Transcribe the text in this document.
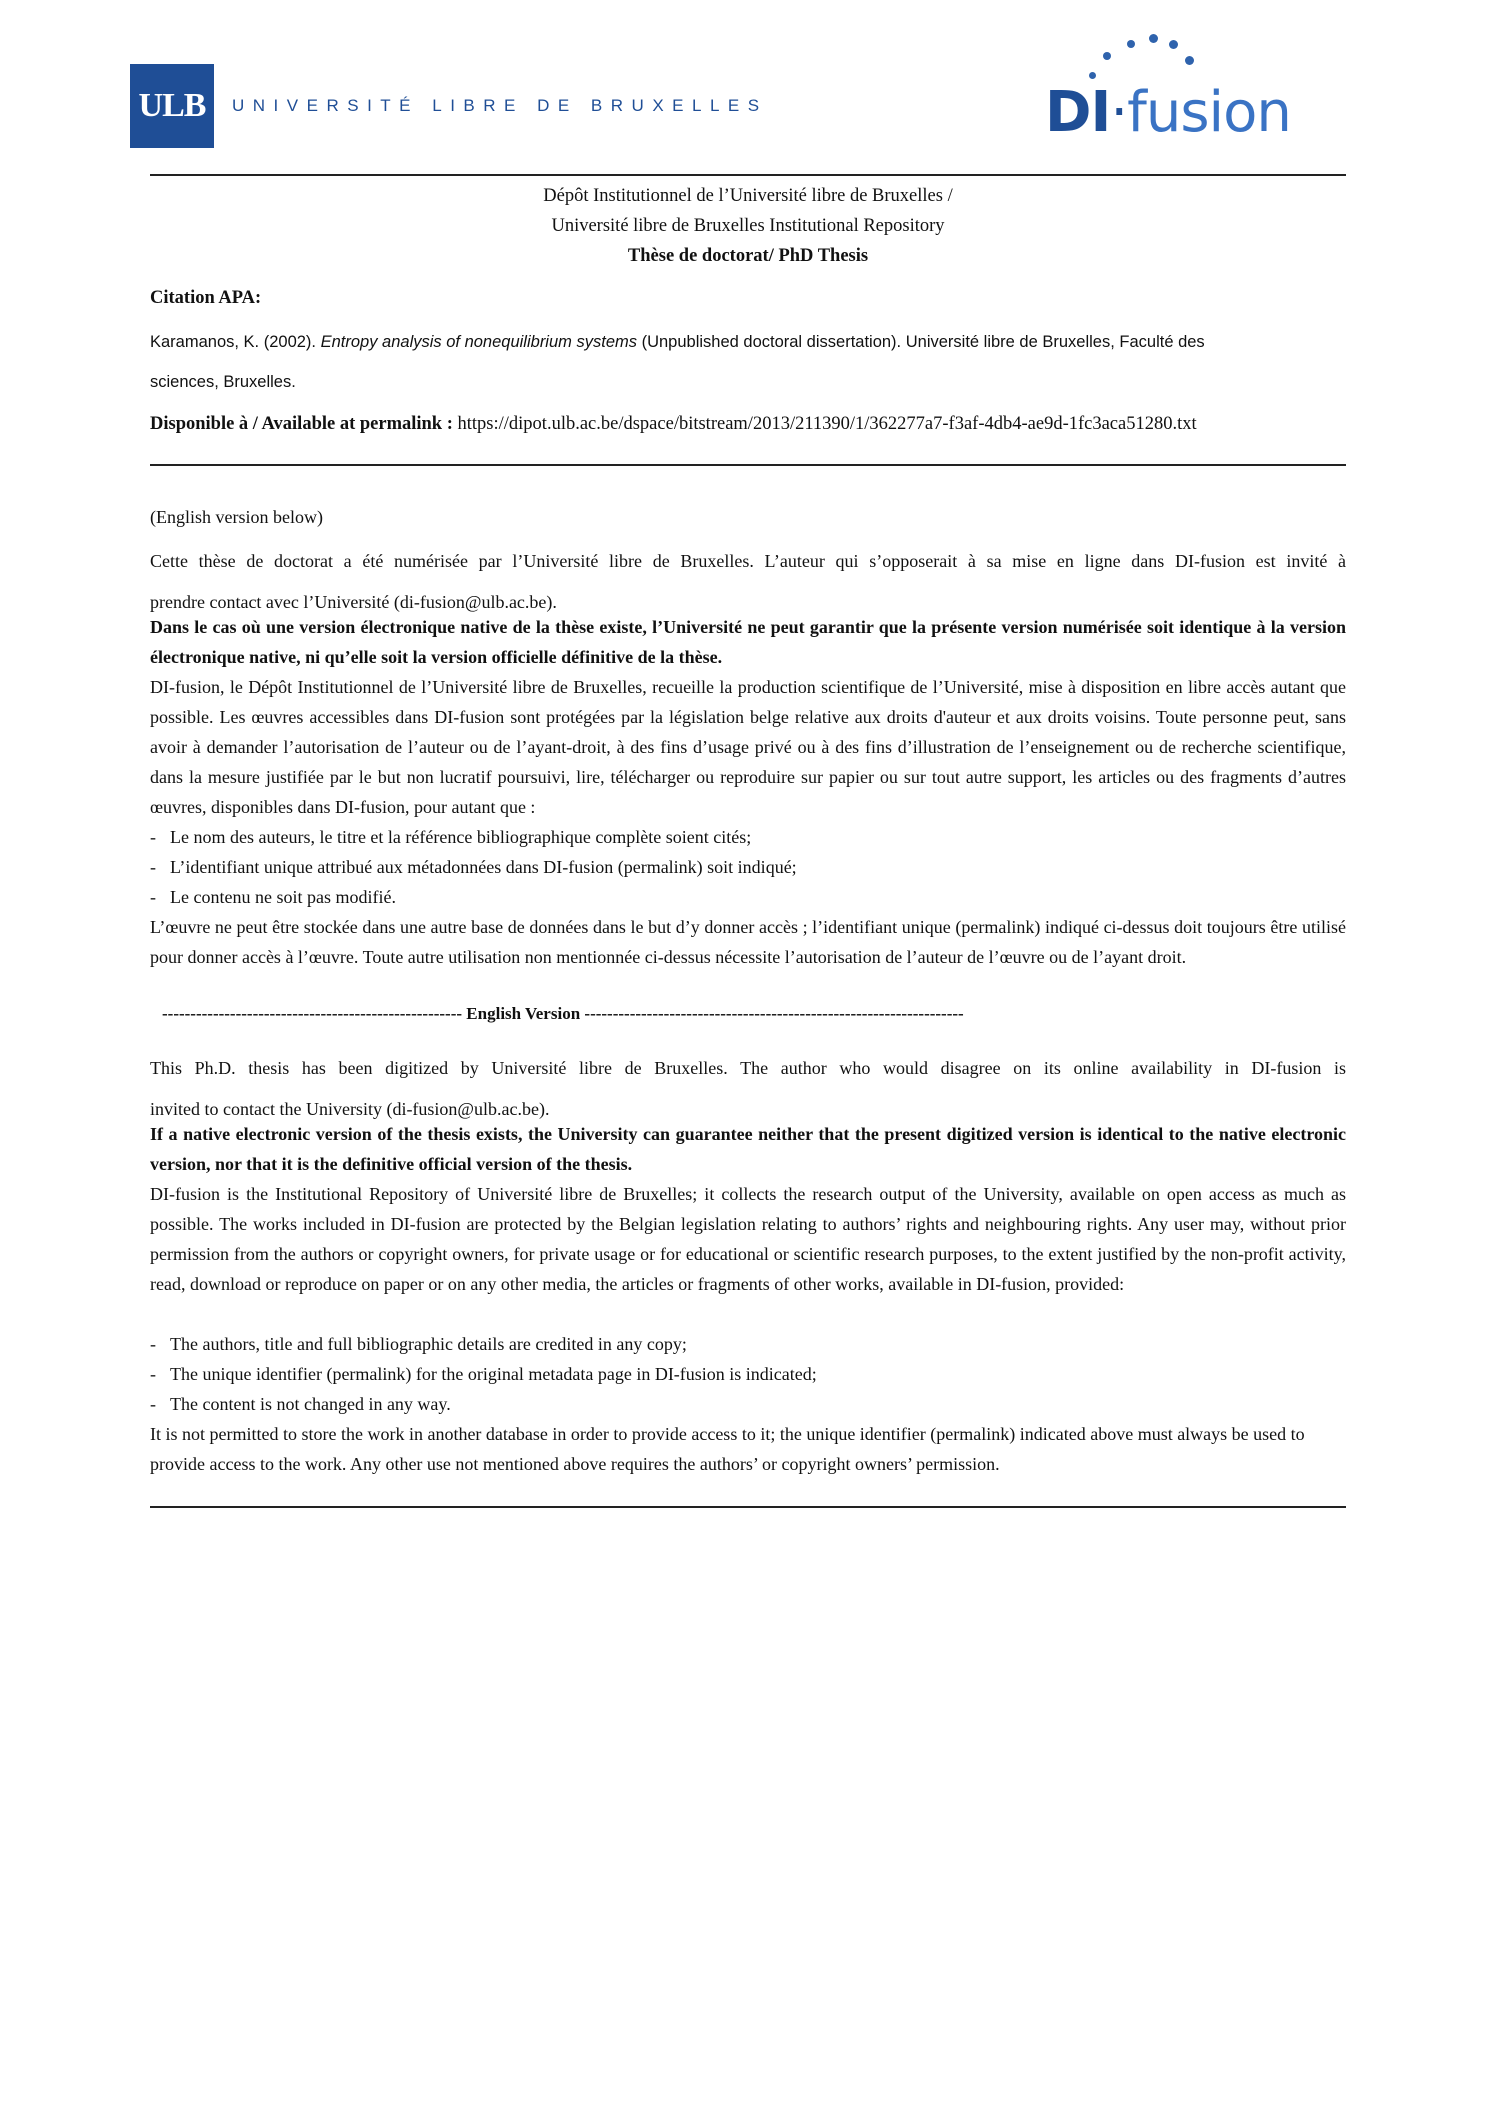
ULB	UNIVERSITÉ LIBRE DE BRUXELLES	DI·fusion
Dépôt Institutionnel de l’Université libre de Bruxelles /
Université libre de Bruxelles Institutional Repository
Thèse de doctorat/ PhD Thesis
Citation APA:
Karamanos, K. (2002). Entropy analysis of nonequilibrium systems (Unpublished doctoral dissertation). Université libre de Bruxelles, Faculté des
sciences, Bruxelles.
Disponible à / Available at permalink : https://dipot.ulb.ac.be/dspace/bitstream/2013/211390/1/362277a7-f3af-4db4-ae9d-1fc3aca51280.txt
(English version below)
Cette thèse de doctorat a été numérisée par l’Université libre de Bruxelles. L’auteur qui s’opposerait à sa mise en ligne dans DI-fusion est invité à
prendre contact avec l’Université (di-fusion@ulb.ac.be).
Dans le cas où une version électronique native de la thèse existe, l’Université ne peut garantir que la présente version numérisée soit identique à la version électronique native, ni qu’elle soit la version officielle définitive de la thèse.
DI-fusion, le Dépôt Institutionnel de l’Université libre de Bruxelles, recueille la production scientifique de l’Université, mise à disposition en libre accès autant que possible. Les œuvres accessibles dans DI-fusion sont protégées par la législation belge relative aux droits d'auteur et aux droits voisins. Toute personne peut, sans avoir à demander l’autorisation de l’auteur ou de l’ayant-droit, à des fins d’usage privé ou à des fins d’illustration de l’enseignement ou de recherche scientifique, dans la mesure justifiée par le but non lucratif poursuivi, lire, télécharger ou reproduire sur papier ou sur tout autre support, les articles ou des fragments d’autres œuvres, disponibles dans DI-fusion, pour autant que :
- Le nom des auteurs, le titre et la référence bibliographique complète soient cités;
- L’identifiant unique attribué aux métadonnées dans DI-fusion (permalink) soit indiqué;
- Le contenu ne soit pas modifié.
L’œuvre ne peut être stockée dans une autre base de données dans le but d’y donner accès ; l’identifiant unique (permalink) indiqué ci-dessus doit toujours être utilisé pour donner accès à l’œuvre. Toute autre utilisation non mentionnée ci-dessus nécessite l’autorisation de l’auteur de l’œuvre ou de l’ayant droit.
----------------------------------------------------- English Version -------------------------------------------------------------------
This Ph.D. thesis has been digitized by Université libre de Bruxelles. The author who would disagree on its online availability in DI-fusion is
invited to contact the University (di-fusion@ulb.ac.be).
If a native electronic version of the thesis exists, the University can guarantee neither that the present digitized version is identical to the native electronic version, nor that it is the definitive official version of the thesis.
DI-fusion is the Institutional Repository of Université libre de Bruxelles; it collects the research output of the University, available on open access as much as possible. The works included in DI-fusion are protected by the Belgian legislation relating to authors’ rights and neighbouring rights. Any user may, without prior permission from the authors or copyright owners, for private usage or for educational or scientific research purposes, to the extent justified by the non-profit activity, read, download or reproduce on paper or on any other media, the articles or fragments of other works, available in DI-fusion, provided:
- The authors, title and full bibliographic details are credited in any copy;
- The unique identifier (permalink) for the original metadata page in DI-fusion is indicated;
- The content is not changed in any way.
It is not permitted to store the work in another database in order to provide access to it; the unique identifier (permalink) indicated above must always be used to provide access to the work. Any other use not mentioned above requires the authors’ or copyright owners’ permission.
